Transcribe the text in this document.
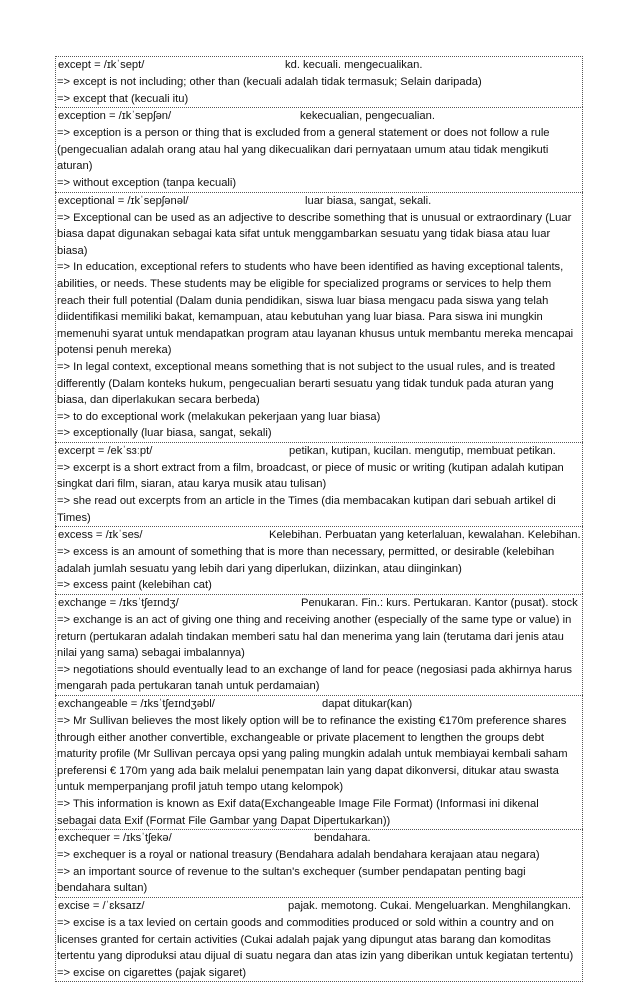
except = /ɪkˈsept/	kd. kecuali. mengecualikan.

=> except is not including; other than (kecuali adalah tidak termasuk; Selain daripada)

=> except that (kecuali itu)

exception = /ɪkˈsepʃən/	kekecualian, pengecualian.

=> exception is a person or thing that is excluded from a general statement or does not follow a rule (pengecualian adalah orang atau hal yang dikecualikan dari pernyataan umum atau tidak mengikuti aturan)

=> without exception (tanpa kecuali)

exceptional = /ɪkˈsepʃənəl/	luar biasa, sangat, sekali.

=> Exceptional can be used as an adjective to describe something that is unusual or extraordinary (Luar biasa dapat digunakan sebagai kata sifat untuk menggambarkan sesuatu yang tidak biasa atau luar biasa)

=> In education, exceptional refers to students who have been identified as having exceptional talents, abilities, or needs. These students may be eligible for specialized programs or services to help them reach their full potential (Dalam dunia pendidikan, siswa luar biasa mengacu pada siswa yang telah diidentifikasi memiliki bakat, kemampuan, atau kebutuhan yang luar biasa. Para siswa ini mungkin memenuhi syarat untuk mendapatkan program atau layanan khusus untuk membantu mereka mencapai potensi penuh mereka)

=> In legal context, exceptional means something that is not subject to the usual rules, and is treated differently (Dalam konteks hukum, pengecualian berarti sesuatu yang tidak tunduk pada aturan yang biasa, dan diperlakukan secara berbeda)

=> to do exceptional work (melakukan pekerjaan yang luar biasa)

=> exceptionally (luar biasa, sangat, sekali)

excerpt = /ekˈsɜːpt/	petikan, kutipan, kucilan. mengutip, membuat petikan.

=> excerpt is a short extract from a film, broadcast, or piece of music or writing (kutipan adalah kutipan singkat dari film, siaran, atau karya musik atau tulisan)

=> she read out excerpts from an article in the Times (dia membacakan kutipan dari sebuah artikel di Times)

excess = /ɪkˈses/	Kelebihan. Perbuatan yang keterlaluan, kewalahan. Kelebihan.

=> excess is an amount of something that is more than necessary, permitted, or desirable (kelebihan adalah jumlah sesuatu yang lebih dari yang diperlukan, diizinkan, atau diinginkan)

=> excess paint (kelebihan cat)

exchange = /ɪksˈtʃeɪndʒ/	Penukaran. Fin.: kurs. Pertukaran. Kantor (pusat). stock

=> exchange is an act of giving one thing and receiving another (especially of the same type or value) in return (pertukaran adalah tindakan memberi satu hal dan menerima yang lain (terutama dari jenis atau nilai yang sama) sebagai imbalannya)

=> negotiations should eventually lead to an exchange of land for peace (negosiasi pada akhirnya harus mengarah pada pertukaran tanah untuk perdamaian)

exchangeable = /ɪksˈtʃeɪndʒəbl/	dapat ditukar(kan)

=> Mr Sullivan believes the most likely option will be to refinance the existing €170m preference shares through either another convertible, exchangeable or private placement to lengthen the groups debt maturity profile (Mr Sullivan percaya opsi yang paling mungkin adalah untuk membiayai kembali saham preferensi € 170m yang ada baik melalui penempatan lain yang dapat dikonversi, ditukar atau swasta untuk memperpanjang profil jatuh tempo utang kelompok)

=> This information is known as Exif data(Exchangeable Image File Format) (Informasi ini dikenal sebagai data Exif (Format File Gambar yang Dapat Dipertukarkan))

exchequer = /ɪksˈtʃekə/	bendahara.

=> exchequer is a royal or national treasury (Bendahara adalah bendahara kerajaan atau negara)

=> an important source of revenue to the sultan's exchequer (sumber pendapatan penting bagi bendahara sultan)

excise = /ˈɛksaɪz/	pajak. memotong. Cukai. Mengeluarkan. Menghilangkan.

=> excise is a tax levied on certain goods and commodities produced or sold within a country and on licenses granted for certain activities (Cukai adalah pajak yang dipungut atas barang dan komoditas tertentu yang diproduksi atau dijual di suatu negara dan atas izin yang diberikan untuk kegiatan tertentu)

=> excise on cigarettes (pajak sigaret)
